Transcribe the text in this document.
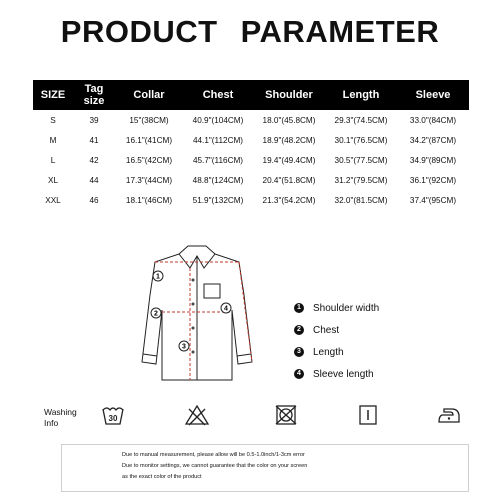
PRODUCT PARAMETER
SIZE	Tag size	Collar	Chest	Shoulder	Length	Sleeve
S	39	15"(38CM)	40.9"(104CM)	18.0"(45.8CM)	29.3"(74.5CM)	33.0"(84CM)
M	41	16.1"(41CM)	44.1"(112CM)	18.9"(48.2CM)	30.1"(76.5CM)	34.2"(87CM)
L	42	16.5"(42CM)	45.7"(116CM)	19.4"(49.4CM)	30.5"(77.5CM)	34.9"(89CM)
XL	44	17.3"(44CM)	48.8"(124CM)	20.4"(51.8CM)	31.2"(79.5CM)	36.1"(92CM)
XXL	46	18.1"(46CM)	51.9"(132CM)	21.3"(54.2CM)	32.0"(81.5CM)	37.4"(95CM)
1
2
3
4	1	Shoulder width
2	Chest
3	Length
4	Sleeve length
Washing
Info	30
Due to manual measurement, please allow will be 0.5-1.0inch/1-3cm error
Due to monitor settings, we cannot guarantee that the color on your screen
as the exact color of the product
